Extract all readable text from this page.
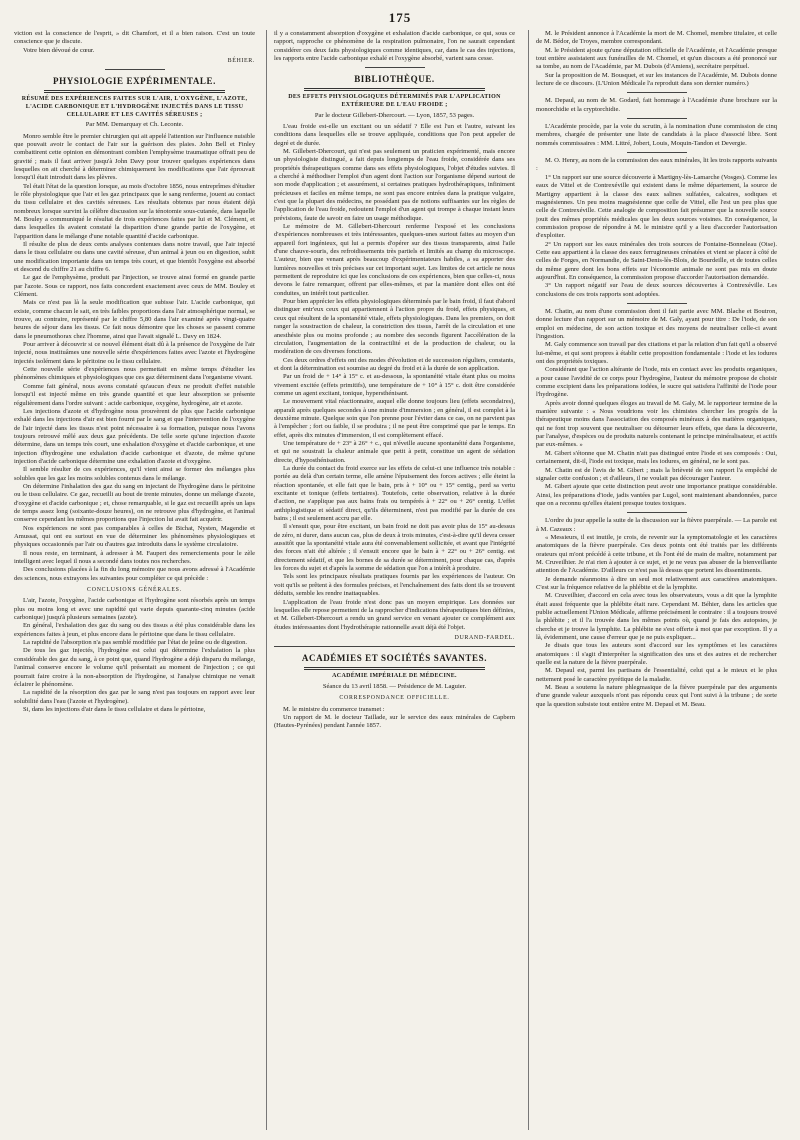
175

viction est la conscience de l'esprit, » dit Chamfort, et il a bien raison. C'est un toute conscience que je discute.

Votre bien dévoué de cœur.

BÉHIER.
PHYSIOLOGIE EXPÉRIMENTALE.
RÉSUMÉ DES EXPÉRIENCES FAITES SUR L'AIR, L'OXYGÈNE, L'AZOTE, L'ACIDE CARBONIQUE ET L'HYDROGÈNE INJECTÉS DANS LE TISSU CELLULAIRE ET LES CAVITÉS SÉREUSES ;
Par MM. Demarquay et Ch. Leconte.

Monro semble être le premier chirurgien qui ait appelé l'attention sur l'influence nuisible que pouvait avoir le contact de l'air sur la guérison des plaies. John Bell et Finley combattirent cette opinion en démontrant combien l'emphysème traumatique offrait peu de gravité ; mais il faut arriver jusqu'à John Davy pour trouver quelques expériences dans lesquelles on ait cherché à déterminer chimiquement les modifications que l'air éprouvait lorsqu'il était introduit dans les plèvres.

Tel était l'état de la question lorsque, au mois d'octobre 1856, nous entreprîmes d'étudier le rôle physiologique que l'air et les gaz principaux que le sang renferme, jouent au contact du tissu cellulaire et des cavités séreuses. Les résultats obtenus par nous étaient déjà nombreux lorsque survint la célèbre discussion sur la ténotomie sous-cutanée, dans laquelle M. Bouley a communiqué le résultat de trois expériences faites par lui et M. Clément, et dans lesquelles ils avaient constaté la disparition d'une grande partie de l'oxygène, et l'apparition dans le mélange d'une notable quantité d'acide carbonique.

Il résulte de plus de deux cents analyses contenues dans notre travail, que l'air injecté dans le tissu cellulaire ou dans une cavité séreuse, d'un animal à jeun ou en digestion, subit une modification importante dans un temps très court, et que bientôt l'oxygène est absorbé et descend du chiffre 21 au chiffre 6.

Le gaz de l'emphysème, produit par l'injection, se trouve ainsi formé en grande partie par l'azote. Sous ce rapport, nos faits concordent exactement avec ceux de MM. Bouley et Clément.

Mais ce n'est pas là la seule modification que subisse l'air. L'acide carbonique, qui existe, comme chacun le sait, en très faibles proportions dans l'air atmosphérique normal, se trouve, au contraire, représenté par le chiffre 5,80 dans l'air examiné après vingt-quatre heures de séjour dans les tissus. Ce fait nous démontre que les choses se passent comme dans le pneumothorax chez l'homme, ainsi que l'avait signalé L. Davy en 1824.

Pour arriver à découvrir si ce nouvel élément était dû à la présence de l'oxygène de l'air injecté, nous instituâmes une nouvelle série d'expériences faites avec l'azote et l'hydrogène injectés isolément dans le péritoine ou le tissu cellulaire.

Cette nouvelle série d'expériences nous permettait en même temps d'étudier les phénomènes chimiques et physiologiques que ces gaz déterminent dans l'organisme vivant.

Comme fait général, nous avons constaté qu'aucun d'eux ne produit d'effet nuisible lorsqu'il est injecté même en très grande quantité et que leur absorption se présente régulièrement dans l'ordre suivant : acide carbonique, oxygène, hydrogène, air et azote.

Les injections d'azote et d'hydrogène nous prouvèrent de plus que l'acide carbonique exhalé dans les injections d'air est bien fourni par le sang et que l'intervention de l'oxygène de l'air injecté dans les tissus n'est point nécessaire à sa formation, puisque nous l'avons toujours retrouvé mêlé aux deux gaz précédents. De telle sorte qu'une injection d'azote détermine, dans un temps très court, une exhalation d'oxygène et d'acide carbonique, et une injection d'hydrogène une exhalation d'acide carbonique et d'azote, de même qu'une injection d'acide carbonique détermine une exhalation d'azote et d'oxygène.

Il semble résulter de ces expériences, qu'il vient ainsi se former des mélanges plus solubles que les gaz les moins solubles contenus dans le mélange.

On détermine l'inhalation des gaz du sang en injectant de l'hydrogène dans le péritoine ou le tissu cellulaire. Ce gaz, recueilli au bout de trente minutes, donne un mélange d'azote, d'oxygène et d'acide carbonique ; et, chose remarquable, si le gaz est recueilli après un laps de temps assez long (soixante-douze heures), on ne retrouve plus d'hydrogène, et l'animal conserve cependant les mêmes proportions que l'injection lui avait fait acquérir.

Nos expériences ne sont pas comparables à celles de Bichat, Nysten, Magendie et Amussat, qui ont eu surtout en vue de déterminer les phénomènes physiologiques et physiques occasionnés par l'air ou d'autres gaz introduits dans le système circulatoire.

Il nous reste, en terminant, à adresser à M. Faupert des remerciements pour le zèle intelligent avec lequel il nous a secondé dans toutes nos recherches.

Des conclusions placées à la fin du long mémoire que nous avons adressé à l'Académie des sciences, nous extrayons les suivantes pour compléter ce qui précède :

CONCLUSIONS GÉNÉRALES.

L'air, l'azote, l'oxygène, l'acide carbonique et l'hydrogène sont résorbés après un temps plus ou moins long et avec une rapidité qui varie depuis quarante-cinq minutes (acide carbonique) jusqu'à plusieurs semaines (azote).

En général, l'exhalation des gaz du sang ou des tissus a été plus considérable dans les expériences faites à jeun, et plus encore dans le péritoine que dans le tissu cellulaire.

La rapidité de l'absorption n'a pas semblé modifiée par l'état de jeûne ou de digestion.

De tous les gaz injectés, l'hydrogène est celui qui détermine l'exhalation la plus considérable des gaz du sang, à ce point que, quand l'hydrogène a déjà disparu du mélange, l'animal conserve encore le volume qu'il présentait au moment de l'injection ; ce qui pourrait faire croire à la non-absorption de l'hydrogène, si l'analyse chimique ne venait éclairer le phénomène.

La rapidité de la résorption des gaz par le sang n'est pas toujours en rapport avec leur solubilité dans l'eau (l'azote et l'hydrogène).

Si, dans les injections d'air dans le tissu cellulaire et dans le péritoine,

il y a constamment absorption d'oxygène et exhalation d'acide carbonique, ce qui, sous ce rapport, rapproche ce phénomène de la respiration pulmonaire, l'on ne saurait cependant considérer ces deux faits physiologiques comme identiques, car, dans le cas des injections, les rapports entre l'acide carbonique exhalé et l'oxygène absorbé, varient sans cesse.

BIBLIOTHÈQUE.
DES EFFETS PHYSIOLOGIQUES DÉTERMINÉS PAR L'APPLICATION EXTÉRIEURE DE L'EAU FROIDE ;
Par le docteur Gillebert-Dhercourt. — Lyon, 1857, 53 pages.

L'eau froide est-elle un excitant ou un sédatif ? Elle est l'un et l'autre, suivant les conditions dans lesquelles elle se trouve appliquée, conditions que l'on peut appeler de degré et de durée.

M. Gillebert-Dhercourt, qui n'est pas seulement un praticien expérimenté, mais encore un physiologiste distingué, a fait depuis longtemps de l'eau froide, considérée dans ses propriétés thérapeutiques comme dans ses effets physiologiques, l'objet d'études suivies. Il a cherché à méthodiser l'emploi d'un agent dont l'action sur l'organisme dépend surtout de son mode d'application ; et assurément, si certaines pratiques hydrothérapiques, infiniment précieuses et faciles en même temps, ne sont pas encore entrées dans la pratique vulgaire, c'est que la plupart des médecins, ne possédant pas de notions suffisantes sur les règles de l'application de l'eau froide, redoutent l'emploi d'un agent qui trompe à chaque instant leurs prévisions, faute de savoir en faire un usage méthodique.

Le mémoire de M. Gillebert-Dhercourt renferme l'exposé et les conclusions d'expériences nombreuses et très intéressantes, quelques-unes surtout faites au moyen d'un appareil fort ingénieux, qui lui a permis d'opérer sur des tissus transparents, ainsi l'aile d'une chauve-souris, des refroidissements très partiels et limités au champ du microscope. L'auteur, bien que venant après beaucoup d'expérimentateurs habiles, a su apporter des lumières nouvelles et très précises sur cet important sujet. Les limites de cet article ne nous permettent de reproduire ici que les conclusions de ces expériences, bien que celles-ci, nous devons le faire remarquer, offrent par elles-mêmes, et par la manière dont elles ont été conduites, un intérêt tout particulier.

Pour bien apprécier les effets physiologiques déterminés par le bain froid, il faut d'abord distinguer entr'eux ceux qui appartiennent à l'action propre du froid, effets physiques, et ceux qui résultent de la spontanéité vitale, effets physiologiques. Dans les premiers, on doit ranger la soustraction de chaleur, la constriction des tissus, l'arrêt de la circulation et une anesthésie plus ou moins profonde ; au nombre des seconds figurent l'accélération de la circulation, l'augmentation de la contractilité et de la production de chaleur, ou la modération de ces diverses fonctions.

Ces deux ordres d'effets ont des modes d'évolution et de succession réguliers, constants, et dont la détermination est soumise au degré du froid et à la durée de son application.

Par un froid de + 14° à 15° c. et au-dessous, la spontanéité vitale étant plus ou moins vivement excitée (effets primitifs), une température de + 10° à 15° c. doit être considérée comme un agent excitant, tonique, hypersthénisant.

Le mouvement vital réactionnaire, auquel elle donne toujours lieu (effets secondaires), apparaît après quelques secondes à une minute d'immersion ; en général, il est complet à la deuxième minute. Quelque soin que l'on prenne pour l'éviter dans ce cas, on ne parvient pas à l'empêcher ; fort ou faible, il se produira ; il ne peut être comprimé que par le temps. En effet, après dix minutes d'immersion, il est complètement effacé.

Une température de + 23° à 26° + c., qui n'éveille aucune spontanéité dans l'organisme, et qui ne soustrait la chaleur animale que petit à petit, constitue un agent de sédation directe, d'hyposthénisation.

La durée du contact du froid exerce sur les effets de celui-ci une influence très notable : portée au delà d'un certain terme, elle amène l'épuisement des forces actives ; elle éteint la réaction spontanée, et elle fait que le bain, pris à + 10° ou + 15° centig., perd sa vertu excitante et tonique (effets tertiaires). Toutefois, cette observation, relative à la durée d'action, ne s'applique pas aux bains frais ou tempérés à + 22° ou + 26° centig. L'effet anthiplogistique et sédatif direct, qu'ils déterminent, n'est pas modifié par la durée de ces bains ; il est seulement accru par elle.

Il s'ensuit que, pour être excitant, un bain froid ne doit pas avoir plus de 15° au-dessus de zéro, ni durer, dans aucun cas, plus de deux à trois minutes, c'est-à-dire qu'il devra cesser aussitôt que la spontanéité vitale aura été convenablement sollicitée, et avant que l'intégrité des forces n'ait été altérée ; il s'ensuit encore que le bain à + 22° ou + 26° centig. est directement sédatif, et que les bornes de sa durée se déterminent, pour chaque cas, d'après les forces du sujet et d'après la somme de sédation que l'on a intérêt à produire.

Tels sont les principaux résultats pratiques fournis par les expériences de l'auteur. On voit qu'ils se prêtent à des formules précises, et l'enchaînement des faits dont ils se trouvent déduits, semble les rendre inattaquables.

L'application de l'eau froide n'est donc pas un moyen empirique. Les données sur lesquelles elle repose permettent de la rapprocher d'indications thérapeutiques bien définies, et M. Gillebert-Dhercourt a rendu un grand service en venant ajouter ce complément aux études intéressantes dont l'hydrothérapie rationnelle avait déjà été l'objet.

DURAND-FARDEL.
ACADÉMIES ET SOCIÉTÉS SAVANTES.
ACADÉMIE IMPÉRIALE DE MÉDECINE.
Séance du 13 avril 1858. — Présidence de M. Laguier.
CORRESPONDANCE OFFICIELLE.

M. le ministre du commerce transmet :

Un rapport de M. le docteur Taillade, sur le service des eaux minérales de Capbern (Hautes-Pyrénées) pendant l'année 1857.

M. le Président annonce à l'Académie la mort de M. Chomel, membre titulaire, et celle de M. Bédor, de Troyes, membre correspondant.

M. le Président ajoute qu'une députation officielle de l'Académie, et l'Académie presque tout entière assistaient aux funérailles de M. Chomel, et qu'un discours a été prononcé sur sa tombe, au nom de l'Académie, par M. Dubois (d'Amiens), secrétaire perpétuel.

Sur la proposition de M. Bousquet, et sur les instances de l'Académie, M. Dubois donne lecture de ce discours. (L'Union Médicale l'a reproduit dans son dernier numéro.)

M. Depaul, au nom de M. Godard, fait hommage à l'Académie d'une brochure sur la monorchidie et la cryptorchidie.

L'Académie procède, par la voie du scrutin, à la nomination d'une commission de cinq membres, chargée de présenter une liste de candidats à la place d'associé libre. Sont nommés commissaires : MM. Littré, Jobert, Louis, Moquin-Tandon et Devergie.

M. O. Henry, au nom de la commission des eaux minérales, lit les trois rapports suivants :

1° Un rapport sur une source découverte à Martigny-lès-Lamarche (Vosges). Comme les eaux de Vittel et de Contrexéville qui existent dans le même département, la source de Martigny appartient à la classe des eaux salines sulfatées, calcaires, sodiques et magnésiennes. Un peu moins magnésienne que celle de Vittel, elle l'est un peu plus que celle de Contrexéville. Cette analogie de composition fait présumer que la nouvelle source jouit des mêmes propriétés médicales que les deux sources voisines. En conséquence, la commission propose de répondre à M. le ministre qu'il y a lieu d'accorder l'autorisation d'exploiter.

2° Un rapport sur les eaux minérales des trois sources de Fontaine-Bonneleau (Oise). Cette eau appartient à la classe des eaux ferrugineuses crénatées et vient se placer à côté de celles de Forges, en Normandie, de Saint-Denis-lès-Blois, de Bourdeille, et de toutes celles du même genre dont les bons effets sur l'économie animale ne sont pas mis en doute aujourd'hui. En conséquence, la commission propose d'accorder l'autorisation demandée.

3° Un rapport négatif sur l'eau de deux sources découvertes à Contrexéville. Les conclusions de ces trois rapports sont adoptées.

M. Chatin, au nom d'une commission dont il fait partie avec MM. Blache et Boutron, donne lecture d'un rapport sur un mémoire de M. Galy, ayant pour titre : De l'iode, de son emploi en médecine, de son action toxique et des moyens de neutraliser celle-ci avant l'ingestion.

M. Galy commence son travail par des citations et par la relation d'un fait qu'il a observé lui-même, et qui sont propres à établir cette proposition fondamentale : l'iode et les iodures ont des propriétés toxiques.

Considérant que l'action altérante de l'iode, mis en contact avec les produits organiques, a pour cause l'avidité de ce corps pour l'hydrogène, l'auteur du mémoire propose de choisir comme excipient dans les préparations iodées, le sucre qui satisfera l'affinité de l'iode pour l'hydrogène.

Après avoir donné quelques éloges au travail de M. Galy, M. le rapporteur termine de la manière suivante : « Nous voudrions voir les chimistes chercher les progrès de la thérapeutique moins dans l'association des composés minéraux à des matières organiques, qui ne font trop souvent que neutraliser ou détourner leurs effets, que dans la découverte, par l'analyse, d'espèces ou de produits naturels contenant le principe minéralisateur, et actifs par eux-mêmes. »

M. Gibert s'étonne que M. Chatin n'ait pas distingué entre l'iode et ses composés : Oui, certainement, dit-il, l'iode est toxique, mais les iodures, en général, ne le sont pas.

M. Chatin est de l'avis de M. Gibert ; mais la brièveté de son rapport l'a empêché de signaler cette confusion ; et d'ailleurs, il ne voulait pas décourager l'auteur.

M. Gibert ajoute que cette distinction peut avoir une importance pratique considérable. Ainsi, les préparations d'iode, jadis vantées par Lugol, sont maintenant abandonnées, parce que on a reconnu qu'elles étaient presque toutes toxiques.

L'ordre du jour appelle la suite de la discussion sur la fièvre puerpérale. — La parole est à M. Cazeaux :

« Messieurs, il est inutile, je crois, de revenir sur la symptomatologie et les caractères anatomiques de la fièvre puerpérale. Ces deux points ont été traités par les différents orateurs qui m'ont précédé à cette tribune, et ils l'ont été de main de maître, notamment par M. Cruveilhier. Je n'ai rien à ajouter à ce sujet, et je ne veux pas abuser de la bienveillante attention de l'Académie. D'ailleurs ce n'est pas là dessus que portent les dissentiments.

Je demande néanmoins à dire un seul mot relativement aux caractères anatomiques. C'est sur la fréquence relative de la phlébite et de la lymphite.

M. Cruveilhier, d'accord en cela avec tous les observateurs, vous a dit que la lymphite était aussi fréquente que la phlébite était rare. Cependant M. Béhier, dans les articles que publie actuellement l'Union Médicale, affirme précisément le contraire : il a toujours trouvé la phlébite ; et il l'a trouvée dans les mêmes points où, quand je fais des autopsies, je cherche et je trouve la lymphite. La phlébite ne s'est offerte à moi que par exception. Il y a là, évidemment, une cause d'erreur que je ne puis expliquer...

Je disais que tous les auteurs sont d'accord sur les symptômes et les caractères anatomiques : il s'agit d'interpréter la signification des uns et des autres et de rechercher quelle est la nature de la fièvre puerpérale.

M. Depaul est, parmi les partisans de l'essentialité, celui qui a le mieux et le plus nettement posé le caractère pyrétique de la maladie.

M. Beau a soutenu la nature phlegmasique de la fièvre puerpérale par des arguments d'une grande valeur auxquels n'ont pas répondu ceux qui l'ont suivi à la tribune ; de sorte que la question subsiste tout entière entre M. Depaul et M. Beau.
